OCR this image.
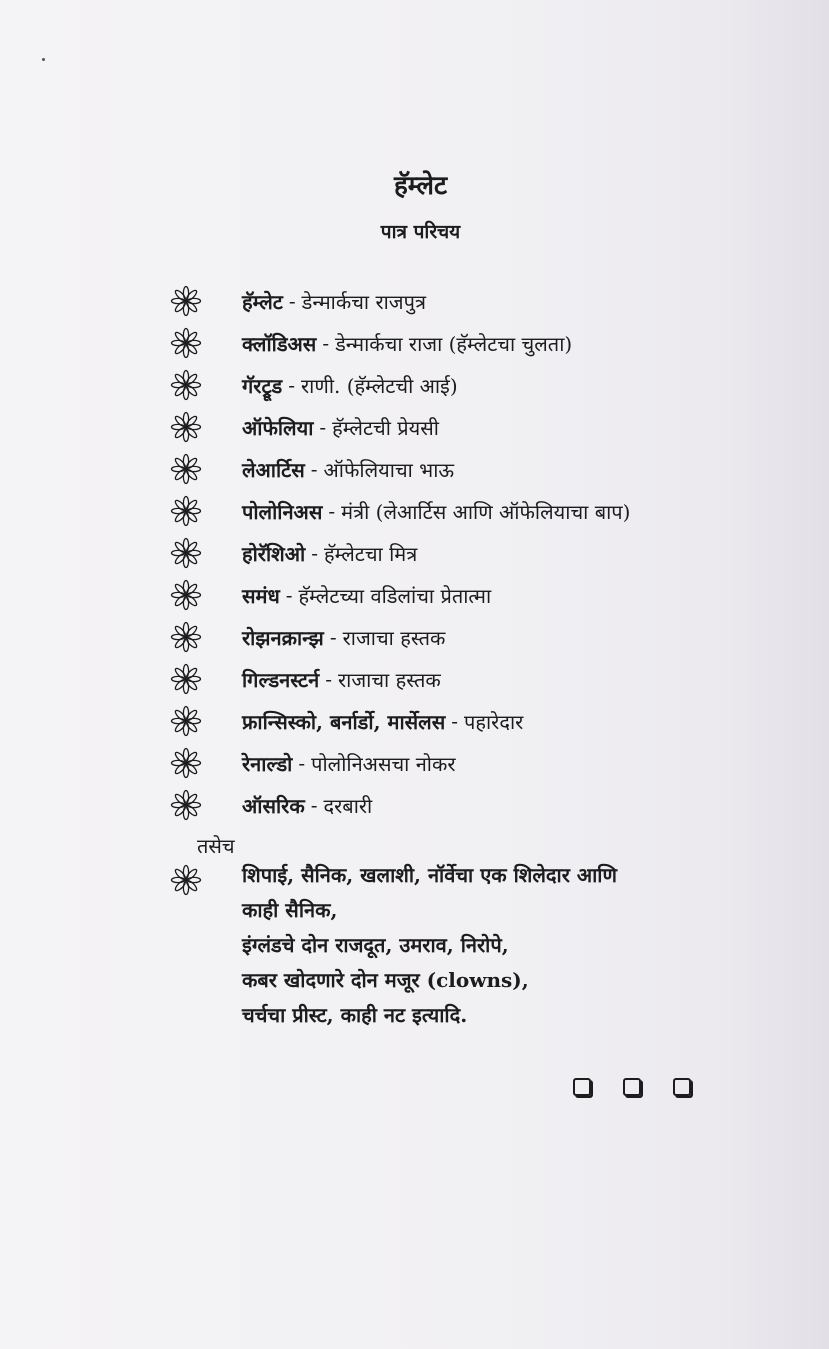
हॅम्लेट
पात्र परिचय
हॅम्लेट - डेन्मार्कचा राजपुत्र
क्लॉडिअस - डेन्मार्कचा राजा (हॅम्लेटचा चुलता)
गॅरट्रूड - राणी. (हॅम्लेटची आई)
ऑफेलिया - हॅम्लेटची प्रेयसी
लेआर्टिस - ऑफेलियाचा भाऊ
पोलोनिअस - मंत्री (लेआर्टिस आणि ऑफेलियाचा बाप)
होरॅशिओ - हॅम्लेटचा मित्र
समंध - हॅम्लेटच्या वडिलांचा प्रेतात्मा
रोझनक्रान्झ - राजाचा हस्तक
गिल्डनस्टर्न - राजाचा हस्तक
फ्रान्सिस्को, बर्नार्डो, मार्सेलस - पहारेदार
रेनाल्डो - पोलोनिअसचा नोकर
ऑसरिक - दरबारी
तसेच
शिपाई, सैनिक, खलाशी, नॉर्वेचा एक शिलेदार आणि
काही सैनिक,
इंग्लंडचे दोन राजदूत, उमराव, निरोपे,
कबर खोदणारे दोन मजूर (clowns),
चर्चचा प्रीस्ट, काही नट इत्यादि.
